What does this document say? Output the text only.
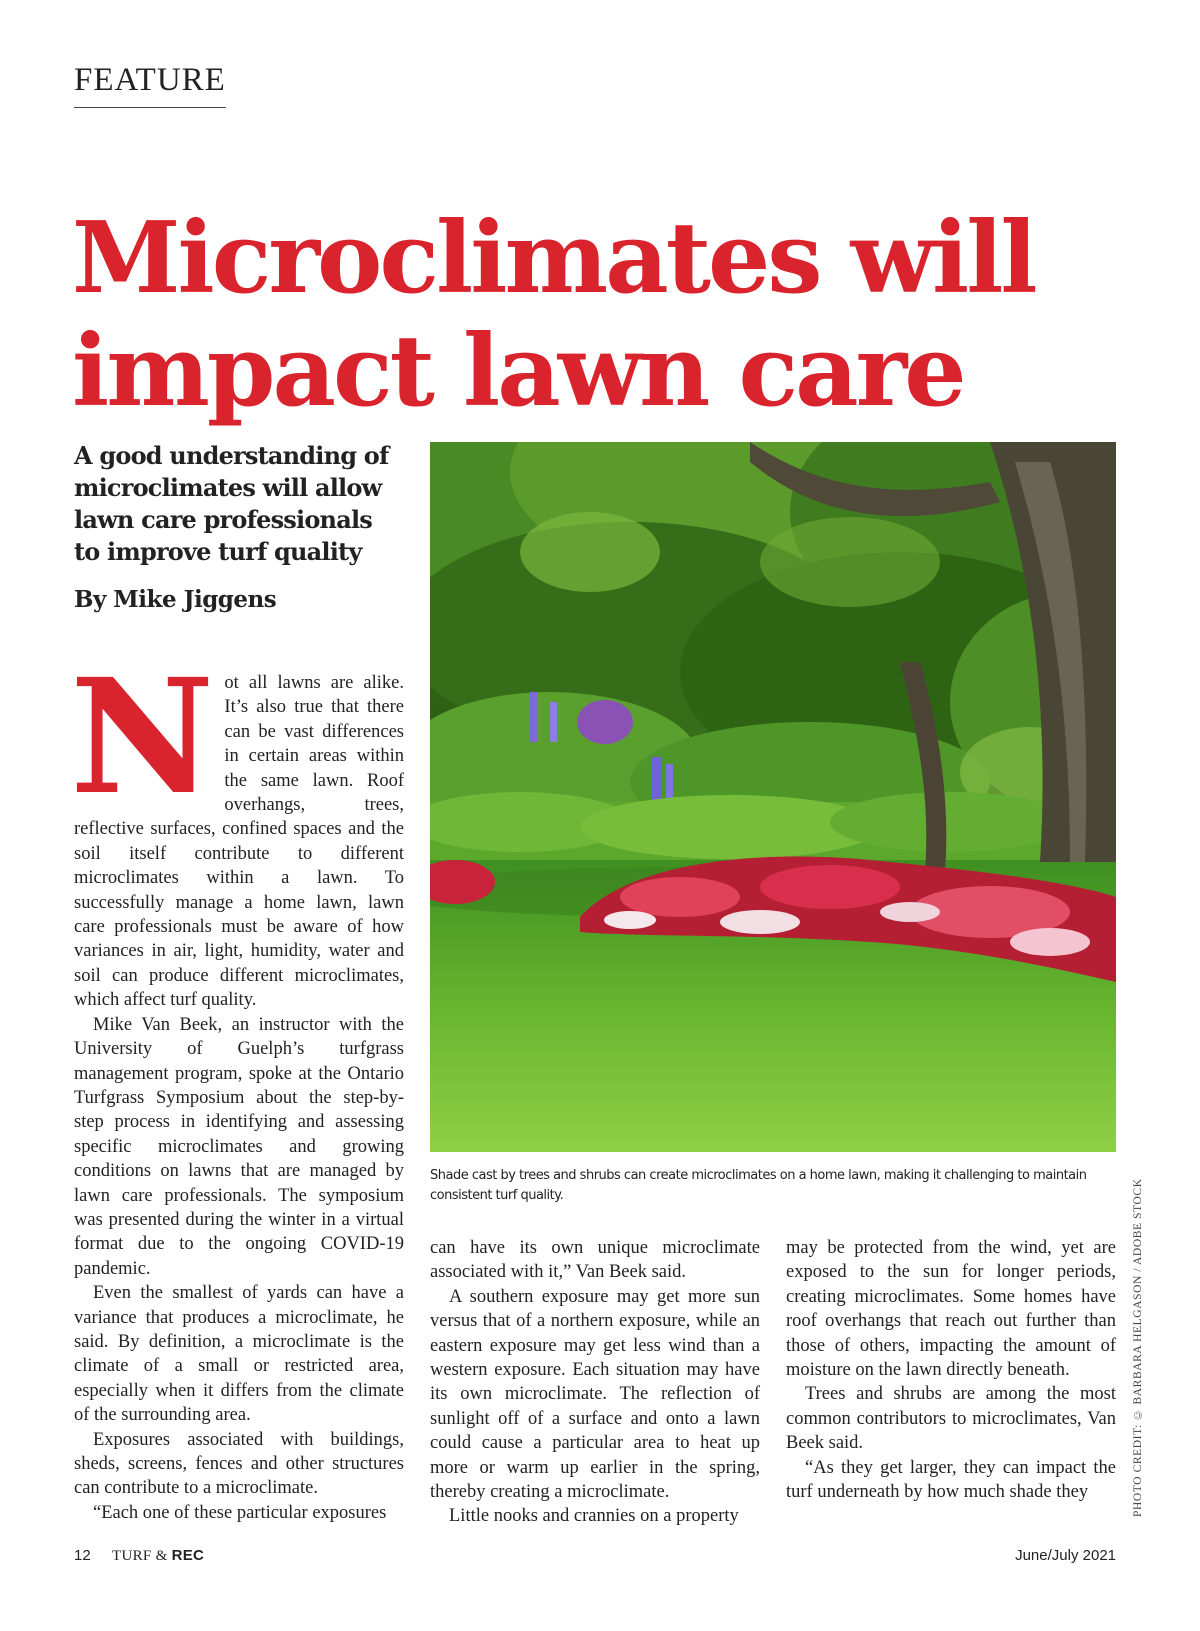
FEATURE
Microclimates will impact lawn care
A good understanding of microclimates will allow lawn care professionals to improve turf quality
By Mike Jiggens

Shade cast by trees and shrubs can create microclimates on a home lawn, making it challenging to maintain consistent turf quality.	PHOTO CREDIT: © BARBARA HELGASON / ADOBE STOCK
N ot all lawns are alike. It’s also true that there can be vast differences in certain areas within the same lawn. Roof overhangs, trees, reflective surfaces, confined spaces and the soil itself contribute to different microclimates within a lawn. To successfully manage a home lawn, lawn care professionals must be aware of how variances in air, light, humidity, water and soil can produce different microclimates, which affect turf quality.

Mike Van Beek, an instructor with the University of Guelph’s turfgrass management program, spoke at the Ontario Turfgrass Symposium about the step-by-step process in identifying and assessing specific microclimates and growing conditions on lawns that are managed by lawn care professionals. The symposium was presented during the winter in a virtual format due to the ongoing COVID-19 pandemic.

Even the smallest of yards can have a variance that produces a microclimate, he said. By definition, a microclimate is the climate of a small or restricted area, especially when it differs from the climate of the surrounding area.

Exposures associated with buildings, sheds, screens, fences and other structures can contribute to a microclimate.

“Each one of these particular exposures

can have its own unique microclimate associated with it,” Van Beek said.

A southern exposure may get more sun versus that of a northern exposure, while an eastern exposure may get less wind than a western exposure. Each situation may have its own microclimate. The reflection of sunlight off of a surface and onto a lawn could cause a particular area to heat up more or warm up earlier in the spring, thereby creating a microclimate.

Little nooks and crannies on a property

may be protected from the wind, yet are exposed to the sun for longer periods, creating microclimates. Some homes have roof overhangs that reach out further than those of others, impacting the amount of moisture on the lawn directly beneath.

Trees and shrubs are among the most common contributors to microclimates, Van Beek said.

“As they get larger, they can impact the turf underneath by how much shade they

12 TURF & REC	June/July 2021
